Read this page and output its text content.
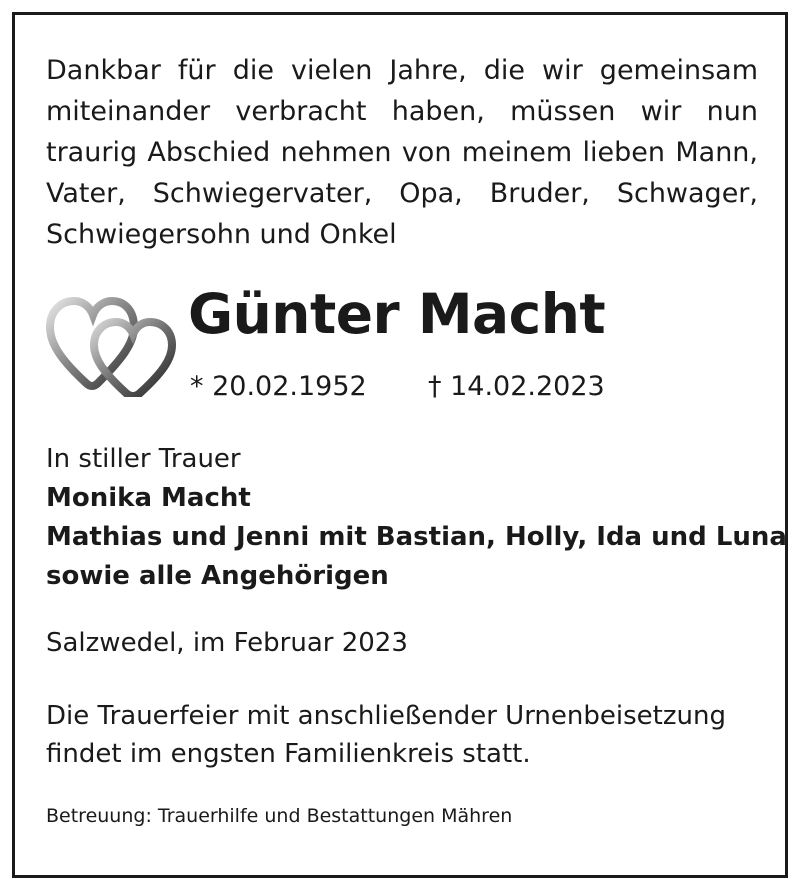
Dankbar für die vielen Jahre, die wir gemeinsam miteinander verbracht haben, müssen wir nun traurig Abschied nehmen von meinem lieben Mann, Vater, Schwiegervater, Opa, Bruder, Schwager, Schwiegersohn und Onkel

Günter Macht
* 20.02.1952 † 14.02.2023
In stiller Trauer
Monika Macht
Mathias und Jenni mit Bastian, Holly, Ida und Luna
sowie alle Angehörigen
Salzwedel, im Februar 2023

Die Trauerfeier mit anschließender Urnenbeisetzung findet im engsten Familienkreis statt.

Betreuung: Trauerhilfe und Bestattungen Mähren
